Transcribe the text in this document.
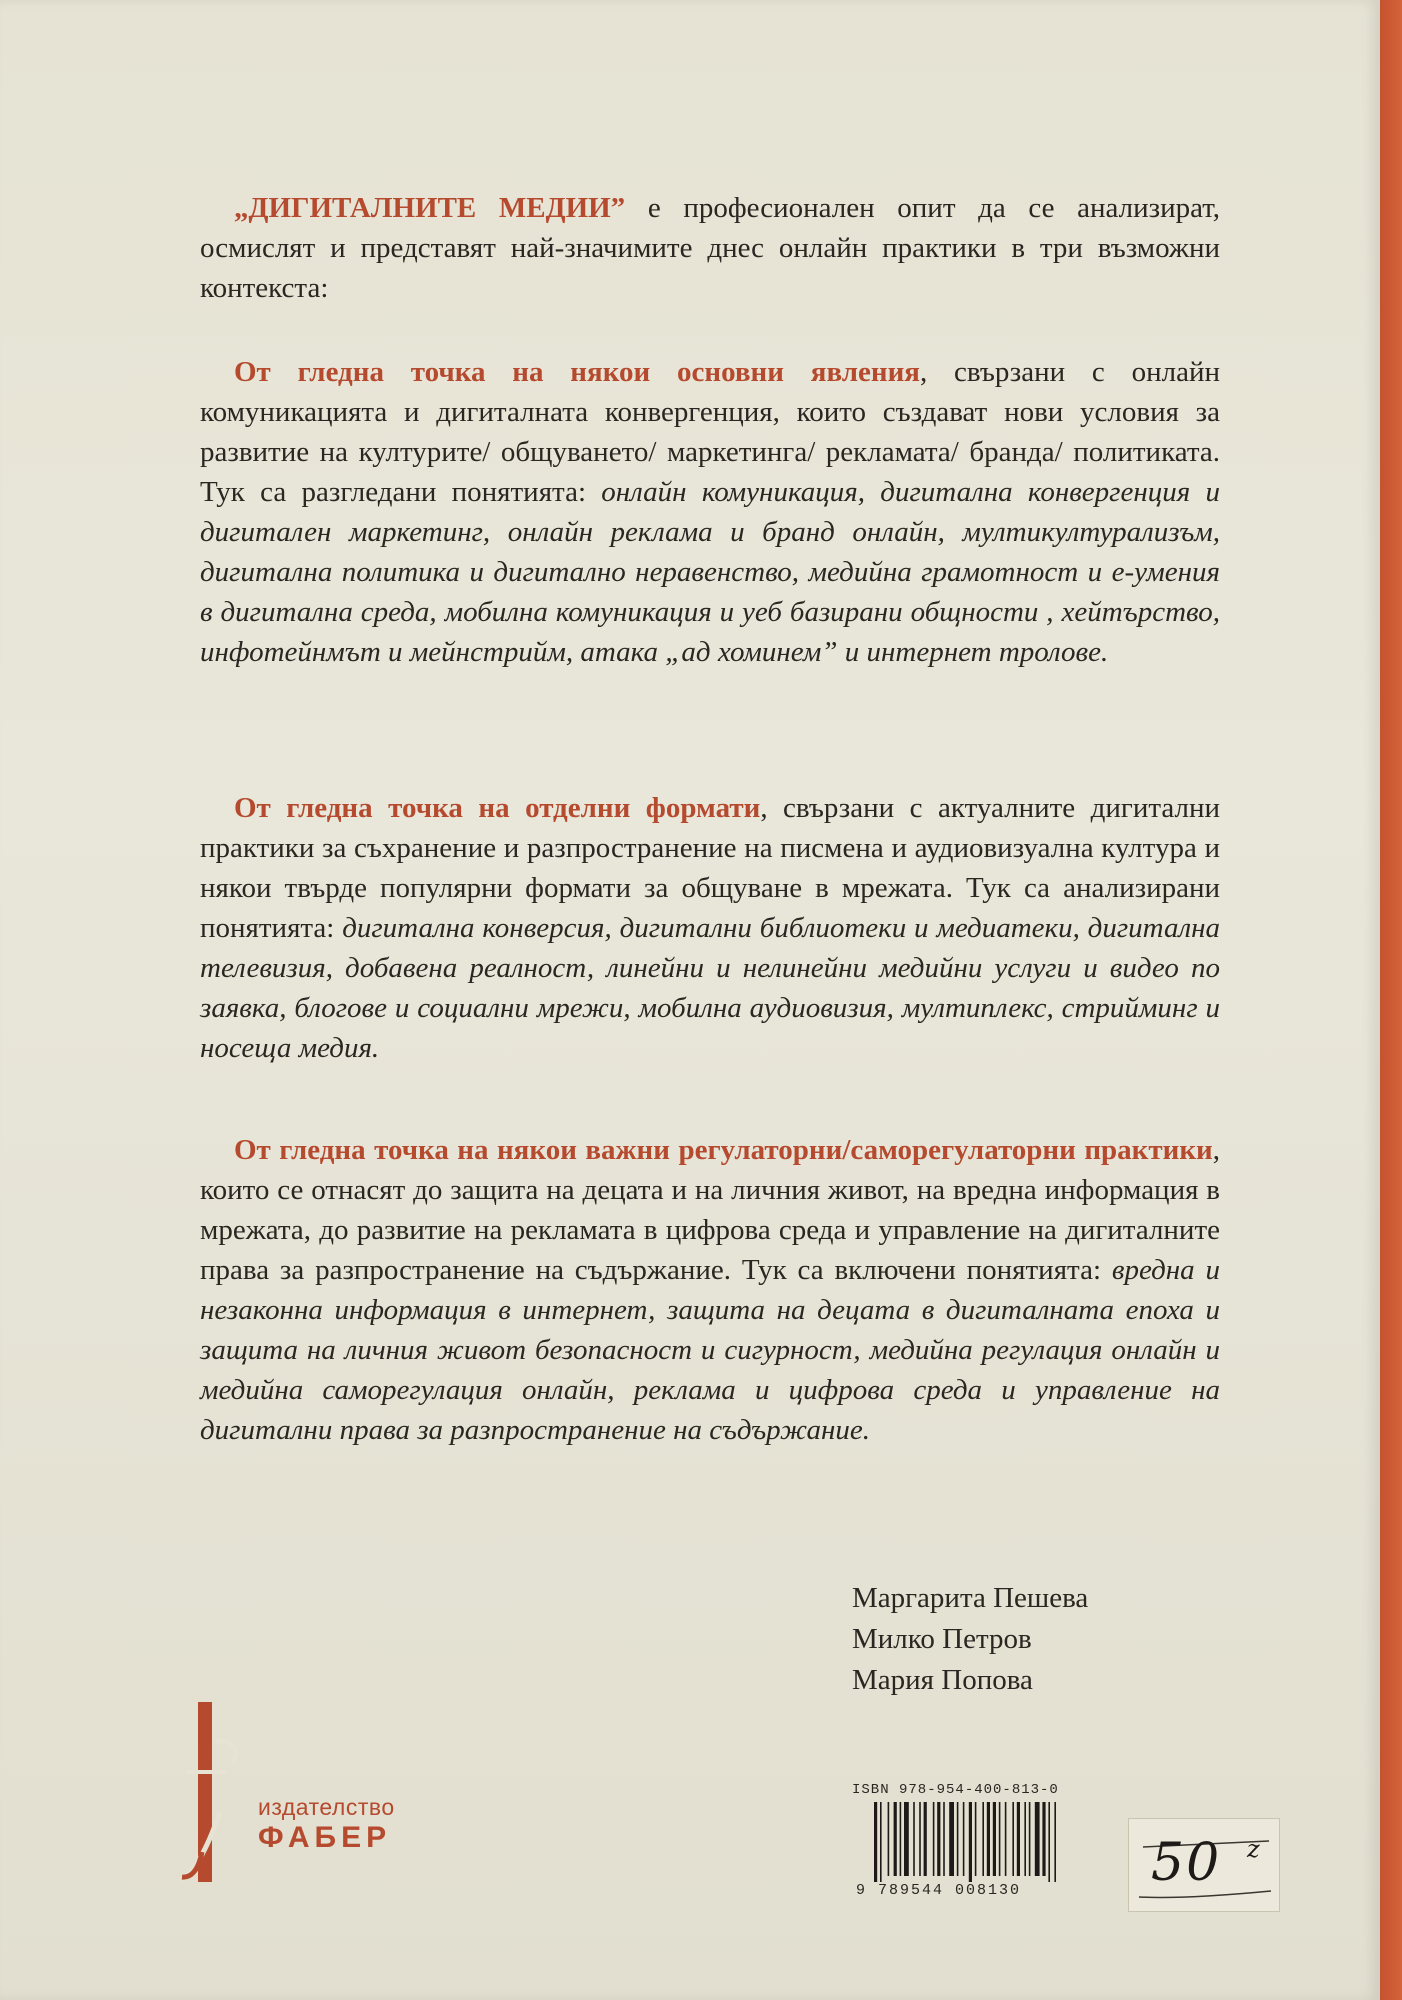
„ДИГИТАЛНИТЕ МЕДИИ” е професионален опит да се анализират, осмислят и представят най-значимите днес онлайн практики в три възможни контекста:

От гледна точка на някои основни явления, свързани с онлайн комуникацията и дигиталната конвергенция, които създават нови условия за развитие на културите/ общуването/ маркетинга/ рекламата/ бранда/ политиката. Тук са разгледани понятията: онлайн комуникация, дигитална конвергенция и дигитален маркетинг, онлайн реклама и бранд онлайн, мултикултурализъм, дигитална политика и дигитално неравенство, медийна грамотност и е-умения в дигитална среда, мобилна комуникация и уеб базирани общности , хейтърство, инфотейнмът и мейнстрийм, атака „ад хоминем” и интернет тролове.

От гледна точка на отделни формати, свързани с актуалните дигитални практики за съхранение и разпространение на писмена и аудиовизуална култура и някои твърде популярни формати за общуване в мрежата. Тук са анализирани понятията: дигитална конверсия, дигитални библиотеки и медиатеки, дигитална телевизия, добавена реалност, линейни и нелинейни медийни услуги и видео по заявка, блогове и социални мрежи, мобилна аудиовизия, мултиплекс, стрийминг и носеща медия.

От гледна точка на някои важни регулаторни/саморегулаторни практики, които се отнасят до защита на децата и на личния живот, на вредна информация в мрежата, до развитие на рекламата в цифрова среда и управление на дигиталните права за разпространение на съдържание. Тук са включени понятията: вредна и незаконна информация в интернет, защита на децата в дигиталната епоха и защита на личния живот безопасност и сигурност, медийна регулация онлайн и медийна саморегулация онлайн, реклама и цифрова среда и управление на дигитални права за разпространение на съдържание.

Маргарита Пешева
Милко Петров
Мария Попова
издателство
ФАБЕР
ISBN 978-954-400-813-0
9 789544 008130 50 z
